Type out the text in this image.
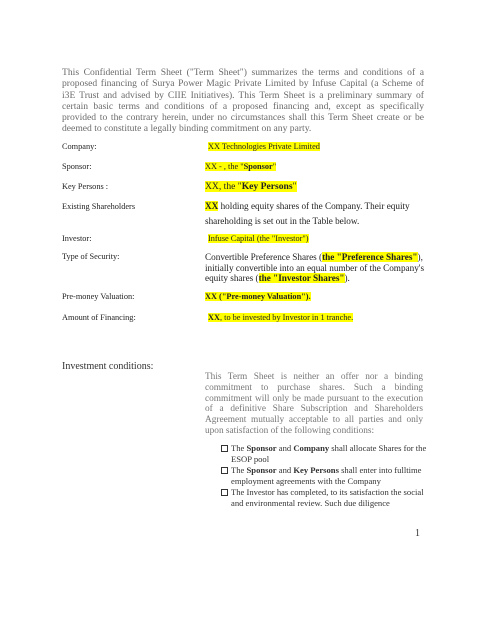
This Confidential Term Sheet ("Term Sheet") summarizes the terms and conditions of a proposed financing of Surya Power Magic Private Limited by Infuse Capital (a Scheme of i3E Trust and advised by CIIE Initiatives). This Term Sheet is a preliminary summary of certain basic terms and conditions of a proposed financing and, except as specifically provided to the contrary herein, under no circumstances shall this Term Sheet create or be deemed to constitute a legally binding commitment on any party.

Company:	XX Technologies Private Limited
Sponsor:	XX - , the "Sponsor"
Key Persons :	XX, the "Key Persons"
Existing Shareholders	XX holding equity shares of the Company. Their equity
shareholding is set out in the Table below.
Investor:	Infuse Capital (the "Investor")
Type of Security:	Convertible Preference Shares (the "Preference Shares"),
initially convertible into an equal number of the Company's
equity shares (the "Investor Shares").
Pre-money Valuation:	XX ("Pre-money Valuation").
Amount of Financing:	XX, to be invested by Investor in 1 tranche.
Investment conditions:

This Term Sheet is neither an offer nor a binding commitment to purchase shares. Such a binding commitment will only be made pursuant to the execution of a definitive Share Subscription and Shareholders Agreement mutually acceptable to all parties and only upon satisfaction of the following conditions:

The Sponsor and Company shall allocate Shares for the ESOP pool
The Sponsor and Key Persons shall enter into fulltime employment agreements with the Company
The Investor has completed, to its satisfaction the social and environmental review. Such due diligence
1
